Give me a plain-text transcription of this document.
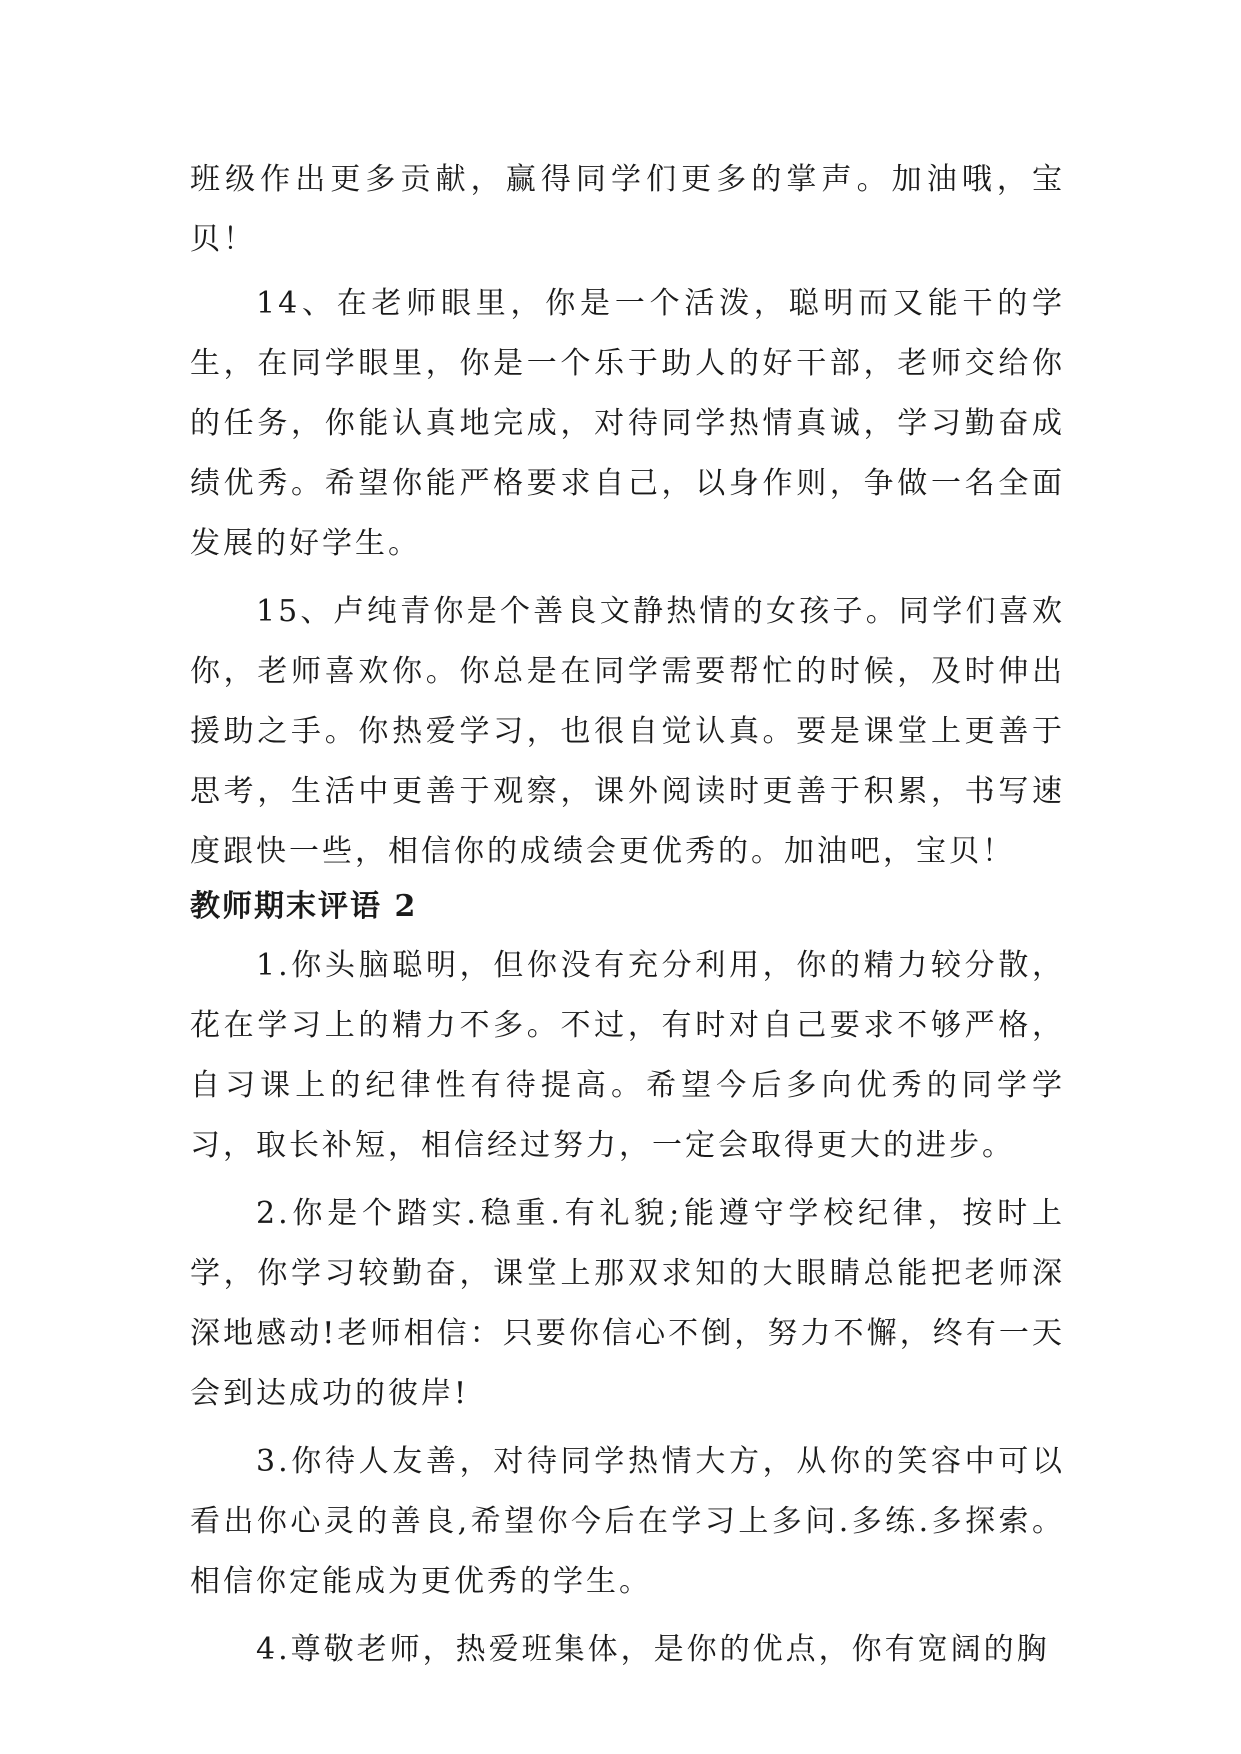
班级作出更多贡献，赢得同学们更多的掌声。加油哦，宝贝！

14、在老师眼里，你是一个活泼，聪明而又能干的学生，在同学眼里，你是一个乐于助人的好干部，老师交给你的任务，你能认真地完成，对待同学热情真诚，学习勤奋成绩优秀。希望你能严格要求自己，以身作则，争做一名全面发展的好学生。

15、卢纯青你是个善良文静热情的女孩子。同学们喜欢你，老师喜欢你。你总是在同学需要帮忙的时候，及时伸出援助之手。你热爱学习，也很自觉认真。要是课堂上更善于思考，生活中更善于观察，课外阅读时更善于积累，书写速度跟快一些，相信你的成绩会更优秀的。加油吧，宝贝！

教师期末评语 2

1.你头脑聪明，但你没有充分利用，你的精力较分散，花在学习上的精力不多。不过，有时对自己要求不够严格，自习课上的纪律性有待提高。希望今后多向优秀的同学学习，取长补短，相信经过努力，一定会取得更大的进步。

2.你是个踏实.稳重.有礼貌;能遵守学校纪律，按时上学，你学习较勤奋，课堂上那双求知的大眼睛总能把老师深深地感动!老师相信：只要你信心不倒，努力不懈，终有一天会到达成功的彼岸!

3.你待人友善，对待同学热情大方，从你的笑容中可以看出你心灵的善良,希望你今后在学习上多问.多练.多探索。相信你定能成为更优秀的学生。

4.尊敬老师，热爱班集体，是你的优点，你有宽阔的胸
